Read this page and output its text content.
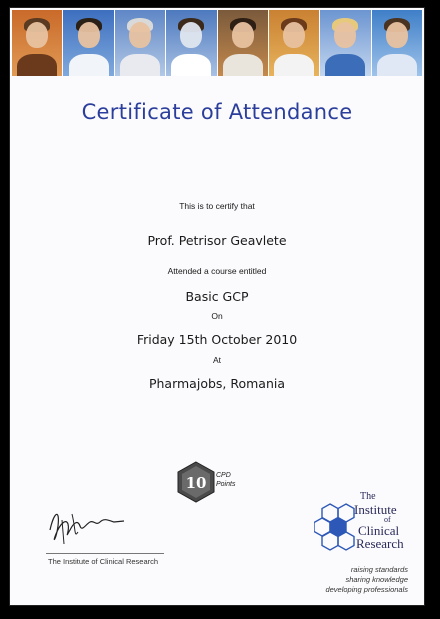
Certificate of Attendance
This is to certify that
Prof. Petrisor Geavlete
Attended a course entitled
Basic GCP
On
Friday 15th October 2010
At
Pharmajobs, Romania
10 CPD
Points
The Institute of Clinical Research
The
Institute
of
Clinical
Research
raising standards
sharing knowledge
developing professionals
